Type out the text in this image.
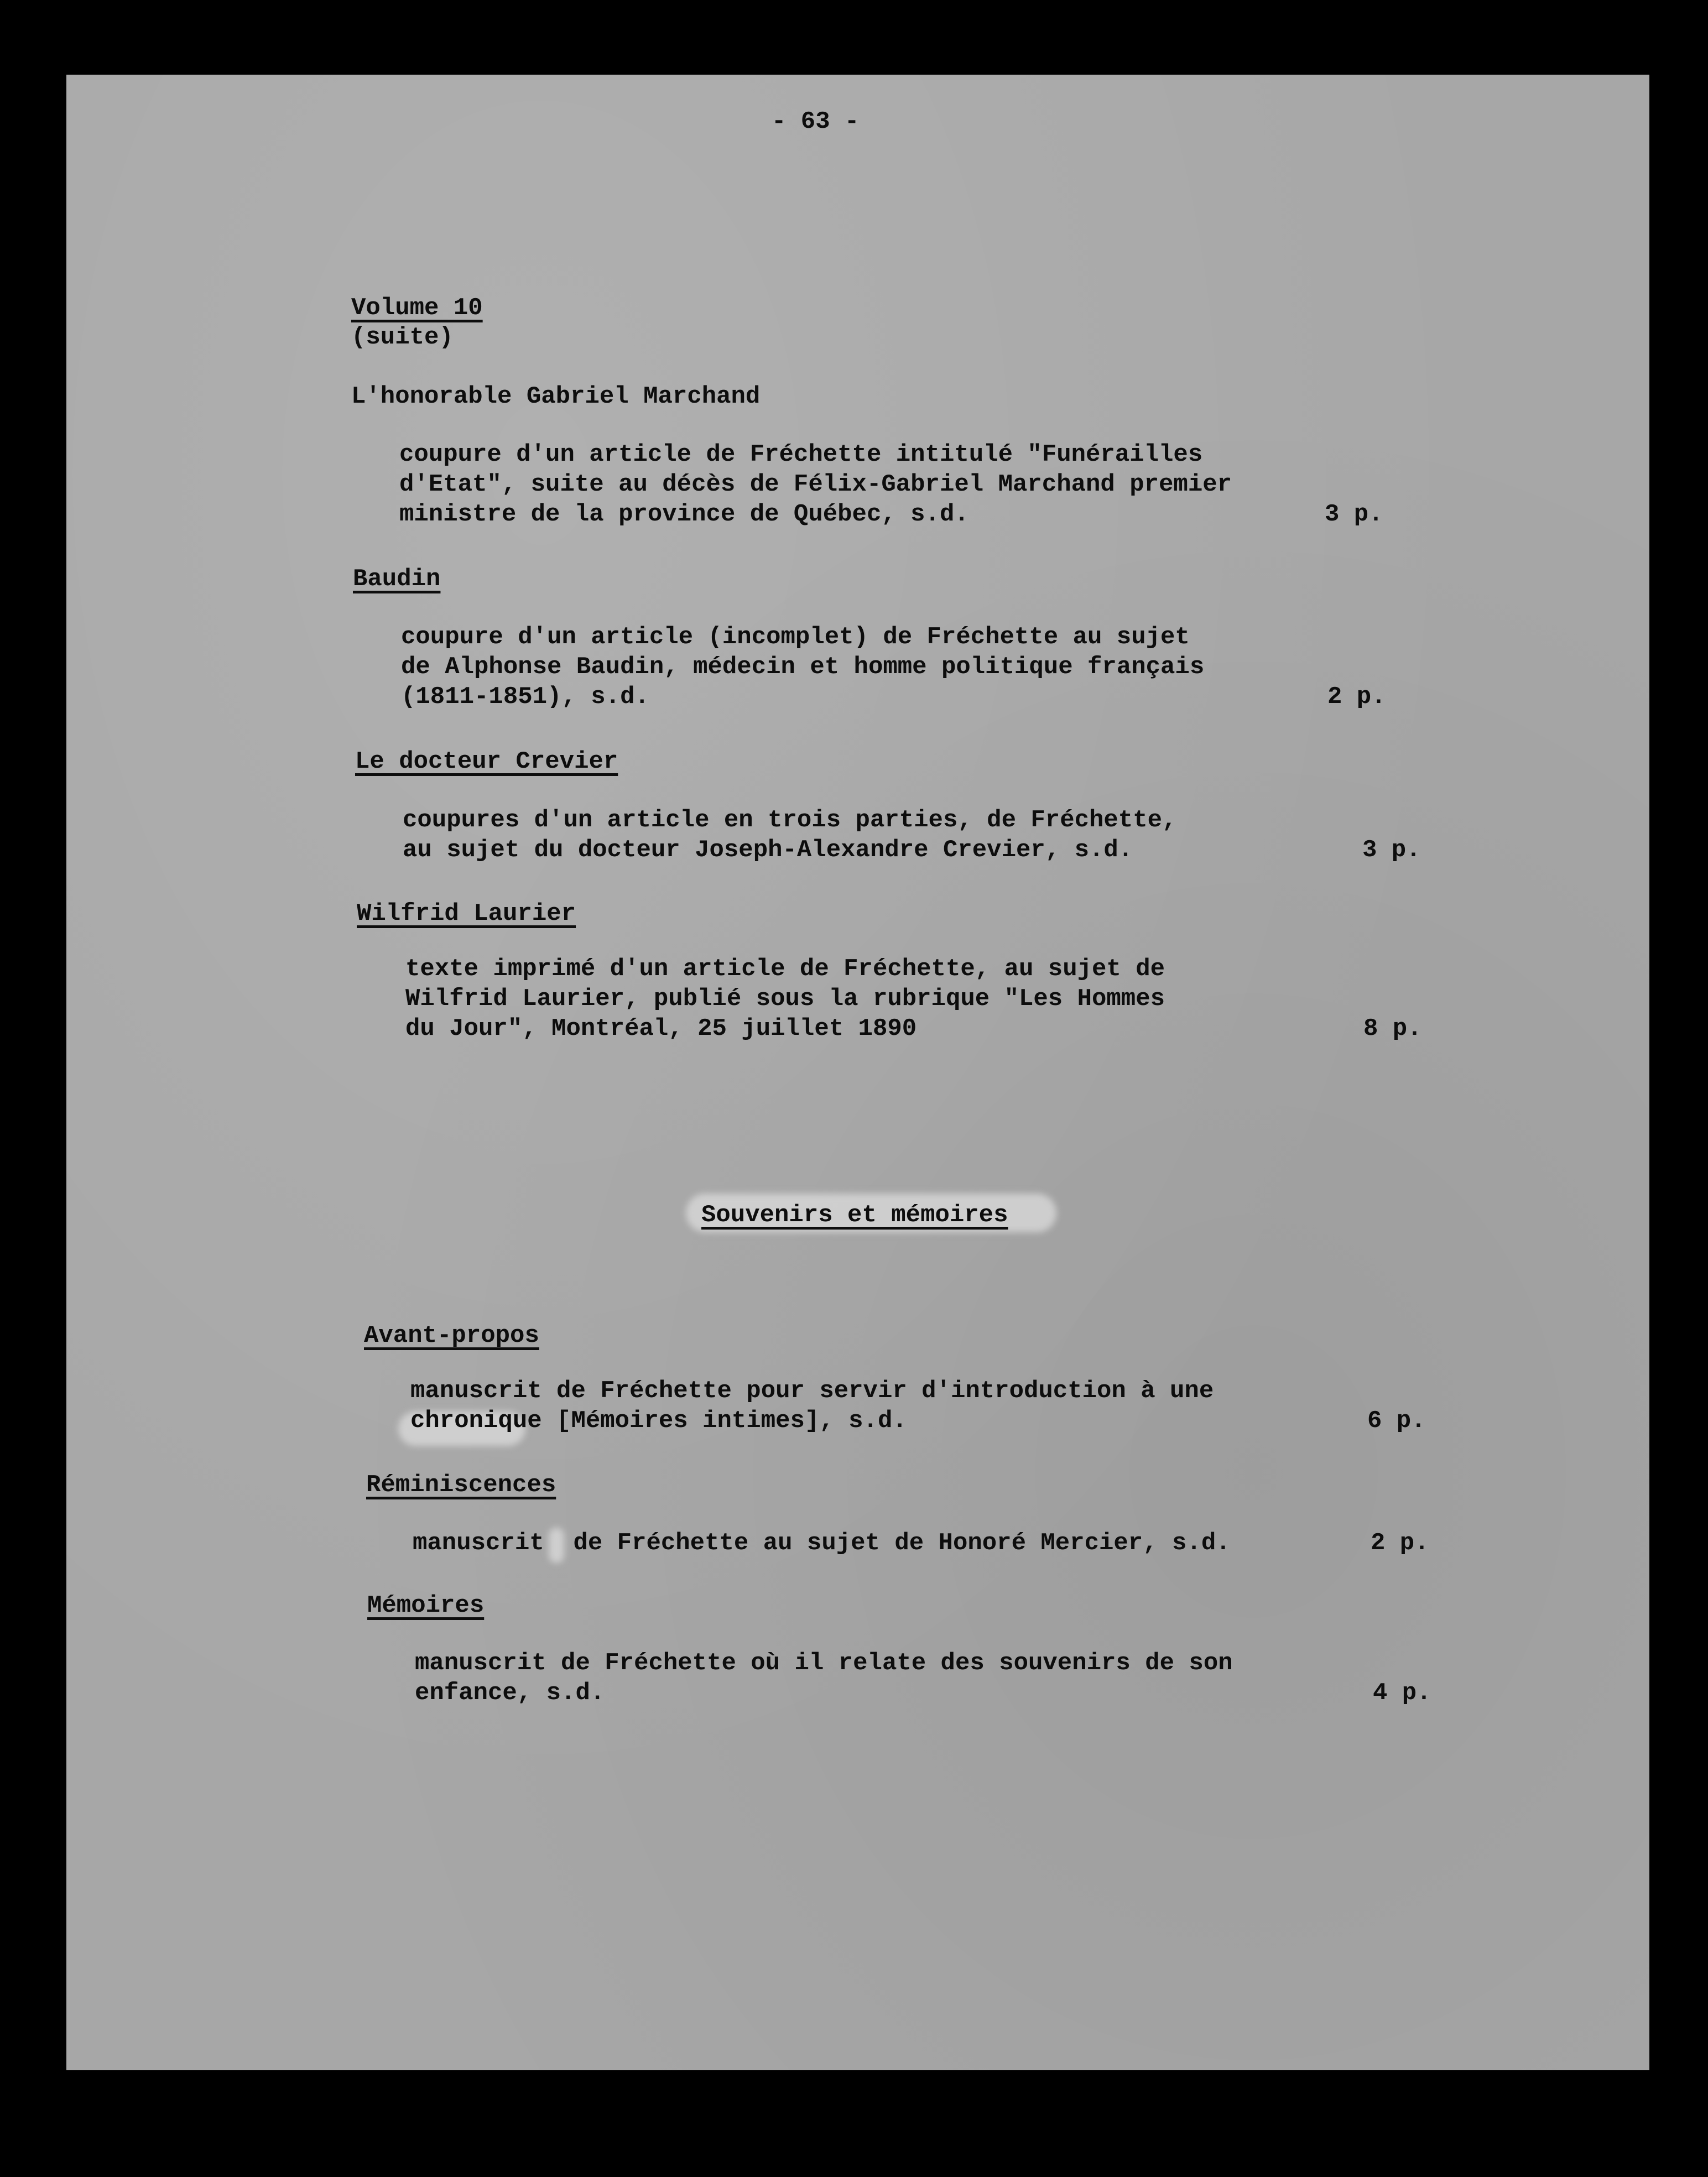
- 63 -

Volume 10

(suite)

L'honorable Gabriel Marchand

coupure d'un article de Fréchette intitulé "Funérailles

d'Etat", suite au décès de Félix-Gabriel Marchand premier

ministre de la province de Québec, s.d.	3 p.

Baudin

coupure d'un article (incomplet) de Fréchette au sujet

de Alphonse Baudin, médecin et homme politique français

(1811-1851), s.d.	2 p.

Le docteur Crevier

coupures d'un article en trois parties, de Fréchette,

au sujet du docteur Joseph-Alexandre Crevier, s.d.	3 p.

Wilfrid Laurier

texte imprimé d'un article de Fréchette, au sujet de

Wilfrid Laurier, publié sous la rubrique "Les Hommes

du Jour", Montréal, 25 juillet 1890	8 p.

Souvenirs et mémoires

Avant-propos

manuscrit de Fréchette pour servir d'introduction à une

chronique [Mémoires intimes], s.d.	6 p.

Réminiscences

manuscrit  de Fréchette au sujet de Honoré Mercier, s.d.	2 p.

Mémoires

manuscrit de Fréchette où il relate des souvenirs de son

enfance, s.d.	4 p.
